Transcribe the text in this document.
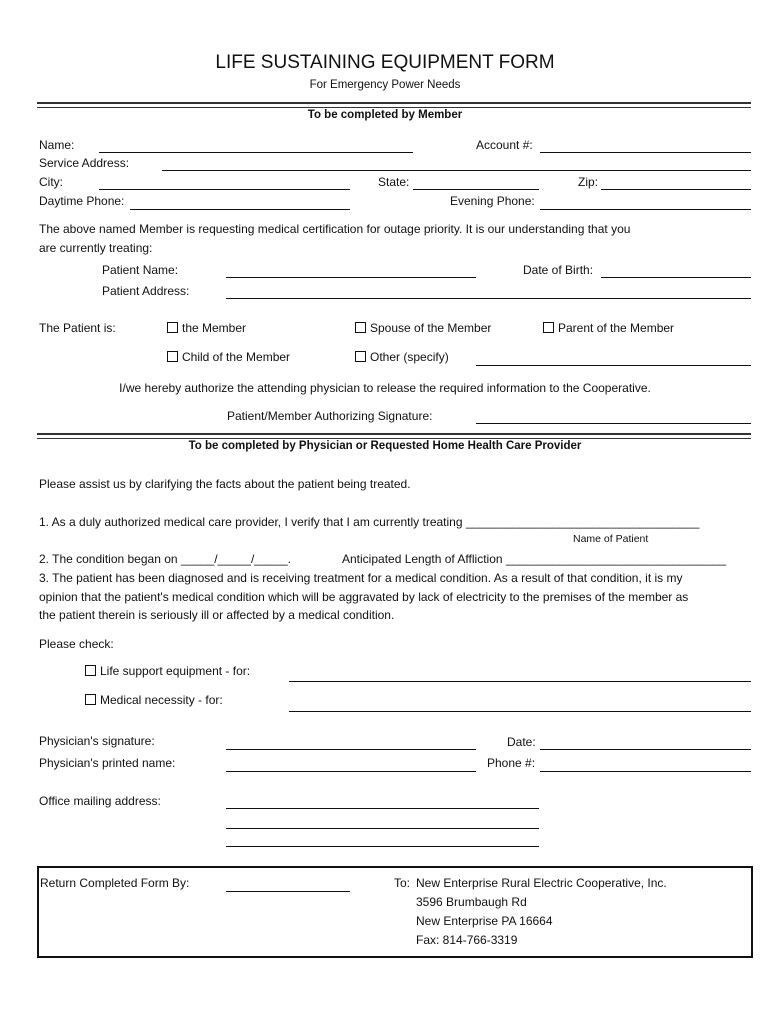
LIFE SUSTAINING EQUIPMENT FORM
For Emergency Power Needs
To be completed by Member
Name:	Account #:
Service Address:
City:	State:	Zip:
Daytime Phone:	Evening Phone:
The above named Member is requesting medical certification for outage priority. It is our understanding that you
are currently treating:
Patient Name:	Date of Birth:
Patient Address:
The Patient is:	the Member	Spouse of the Member	Parent of the Member
Child of the Member	Other (specify)
I/we hereby authorize the attending physician to release the required information to the Cooperative.
Patient/Member Authorizing Signature:
To be completed by Physician or Requested Home Health Care Provider
Please assist us by clarifying the facts about the patient being treated.
1. As a duly authorized medical care provider, I verify that I am currently treating ___________________________________
Name of Patient
2. The condition began on _____/_____/_____.	Anticipated Length of Affliction _________________________________
3. The patient has been diagnosed and is receiving treatment for a medical condition. As a result of that condition, it is my
opinion that the patient's medical condition which will be aggravated by lack of electricity to the premises of the member as
the patient therein is seriously ill or affected by a medical condition.
Please check:
Life support equipment - for:
Medical necessity - for:
Physician's signature:	Date:
Physician's printed name:	Phone #:
Office mailing address:
Return Completed Form By:	To: New Enterprise Rural Electric Cooperative, Inc.
3596 Brumbaugh Rd
New Enterprise PA 16664
Fax: 814-766-3319
